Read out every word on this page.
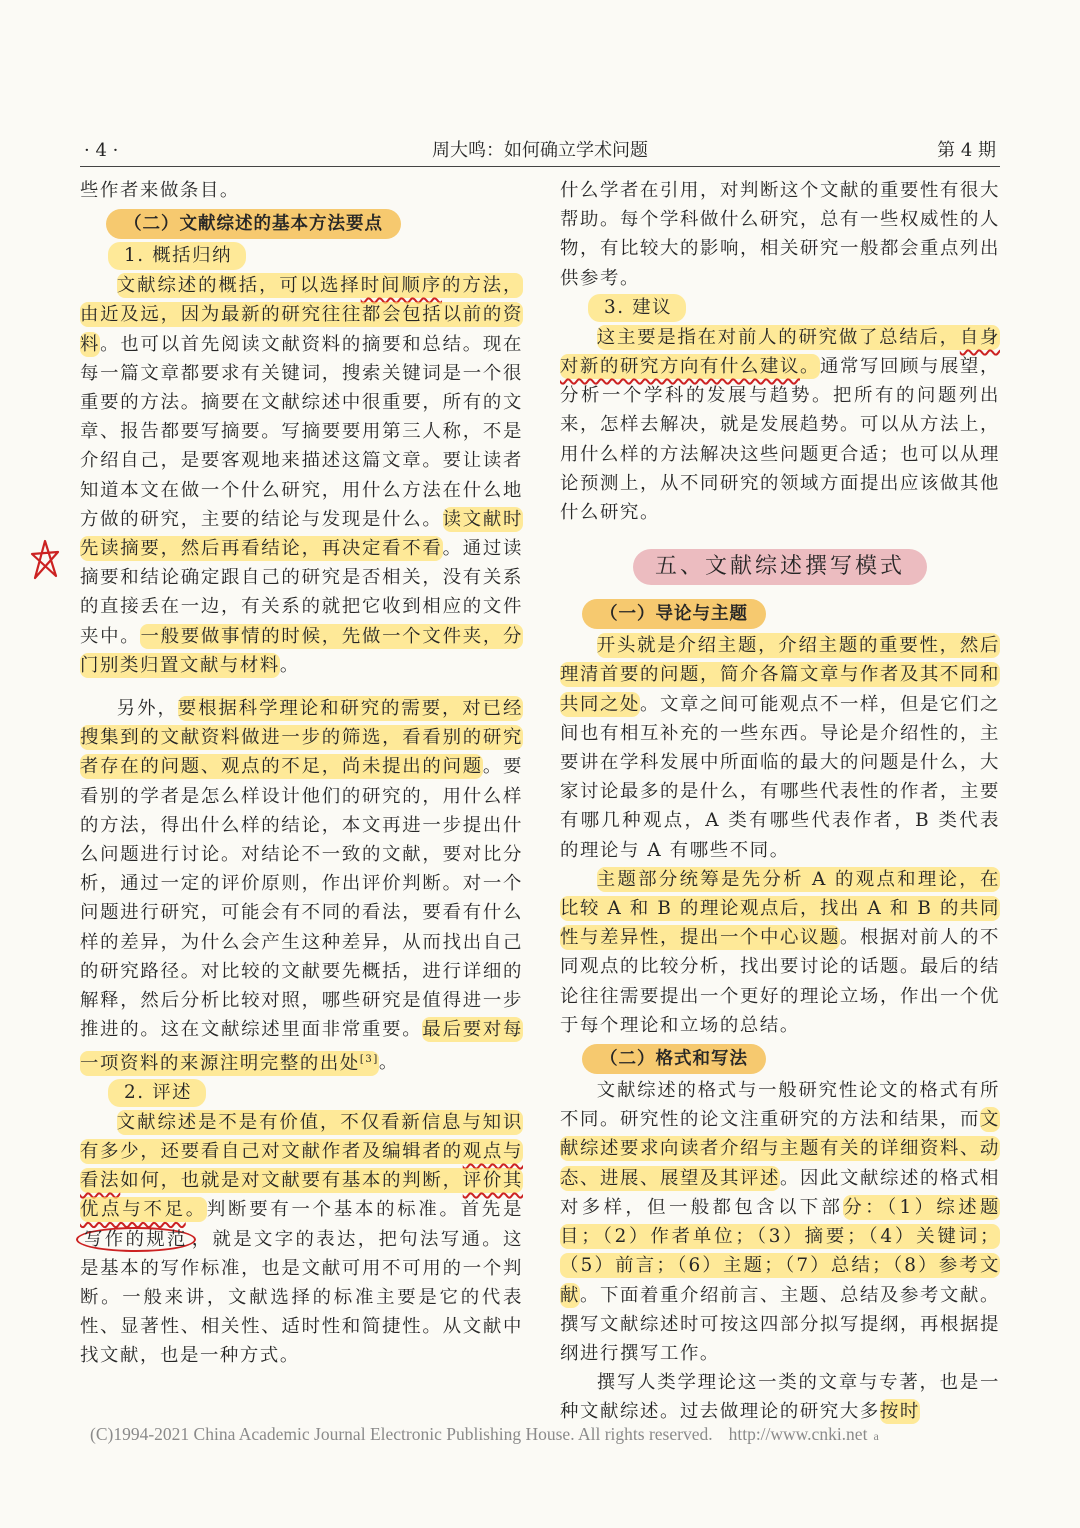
· 4 ·	周大鸣：如何确立学术问题	第 4 期

些作者来做条目。

（二）文献综述的基本方法要点
1. 概括归纳

文献综述的概括，可以选择时间顺序的方法，由近及远，因为最新的研究往往都会包括以前的资料。也可以首先阅读文献资料的摘要和总结。现在每一篇文章都要求有关键词，搜索关键词是一个很重要的方法。摘要在文献综述中很重要，所有的文章、报告都要写摘要。写摘要要用第三人称，不是介绍自己，是要客观地来描述这篇文章。要让读者知道本文在做一个什么研究，用什么方法在什么地方做的研究，主要的结论与发现是什么。读文献时先读摘要，然后再看结论，再决定看不看。通过读摘要和结论确定跟自己的研究是否相关，没有关系的直接丢在一边，有关系的就把它收到相应的文件夹中。一般要做事情的时候，先做一个文件夹，分门别类归置文献与材料。

另外，要根据科学理论和研究的需要，对已经搜集到的文献资料做进一步的筛选，看看别的研究者存在的问题、观点的不足，尚未提出的问题。要看别的学者是怎么样设计他们的研究的，用什么样的方法，得出什么样的结论，本文再进一步提出什么问题进行讨论。对结论不一致的文献，要对比分析，通过一定的评价原则，作出评价判断。对一个问题进行研究，可能会有不同的看法，要看有什么样的差异，为什么会产生这种差异，从而找出自己的研究路径。对比较的文献要先概括，进行详细的解释，然后分析比较对照，哪些研究是值得进一步推进的。这在文献综述里面非常重要。最后要对每一项资料的来源注明完整的出处[3]。

2. 评述

文献综述是不是有价值，不仅看新信息与知识有多少，还要看自己对文献作者及编辑者的观点与看法如何，也就是对文献要有基本的判断，评价其优点与不足。判断要有一个基本的标准。首先是写作的规范 ，就是文字的表达，把句法写通。这是基本的写作标准，也是文献可用不可用的一个判断。一般来讲，文献选择的标准主要是它的代表性、显著性、相关性、适时性和简捷性。从文献中找文献，也是一种方式。

什么学者在引用，对判断这个文献的重要性有很大帮助。每个学科做什么研究，总有一些权威性的人物，有比较大的影响，相关研究一般都会重点列出供参考。

3. 建议

这主要是指在对前人的研究做了总结后，自身对新的研究方向有什么建议。通常写回顾与展望，分析一个学科的发展与趋势。把所有的问题列出来，怎样去解决，就是发展趋势。可以从方法上，用什么样的方法解决这些问题更合适；也可以从理论预测上，从不同研究的领域方面提出应该做其他什么研究。

五、文献综述撰写模式
（一）导论与主题

开头就是介绍主题，介绍主题的重要性，然后理清首要的问题，简介各篇文章与作者及其不同和共同之处。文章之间可能观点不一样，但是它们之间也有相互补充的一些东西。导论是介绍性的，主要讲在学科发展中所面临的最大的问题是什么，大家讨论最多的是什么，有哪些代表性的作者，主要有哪几种观点，A 类有哪些代表作者，B 类代表的理论与 A 有哪些不同。

主题部分统筹是先分析 A 的观点和理论，在比较 A 和 B 的理论观点后，找出 A 和 B 的共同性与差异性，提出一个中心议题。根据对前人的不同观点的比较分析，找出要讨论的话题。最后的结论往往需要提出一个更好的理论立场，作出一个优于每个理论和立场的总结。

（二）格式和写法

文献综述的格式与一般研究性论文的格式有所不同。研究性的论文注重研究的方法和结果，而文献综述要求向读者介绍与主题有关的详细资料、动态、进展、展望及其评述。因此文献综述的格式相对多样，但一般都包含以下部分：（1）综述题目；（2）作者单位；（3）摘要；（4）关键词；（5）前言；（6）主题；（7）总结；（8）参考文献。下面着重介绍前言、主题、总结及参考文献。撰写文献综述时可按这四部分拟写提纲，再根据提纲进行撰写工作。

撰写人类学理论这一类的文章与专著，也是一种文献综述。过去做理论的研究大多按时

(C)1994-2021 China Academic Journal Electronic Publishing House. All rights reserved. http://www.cnki.net a
